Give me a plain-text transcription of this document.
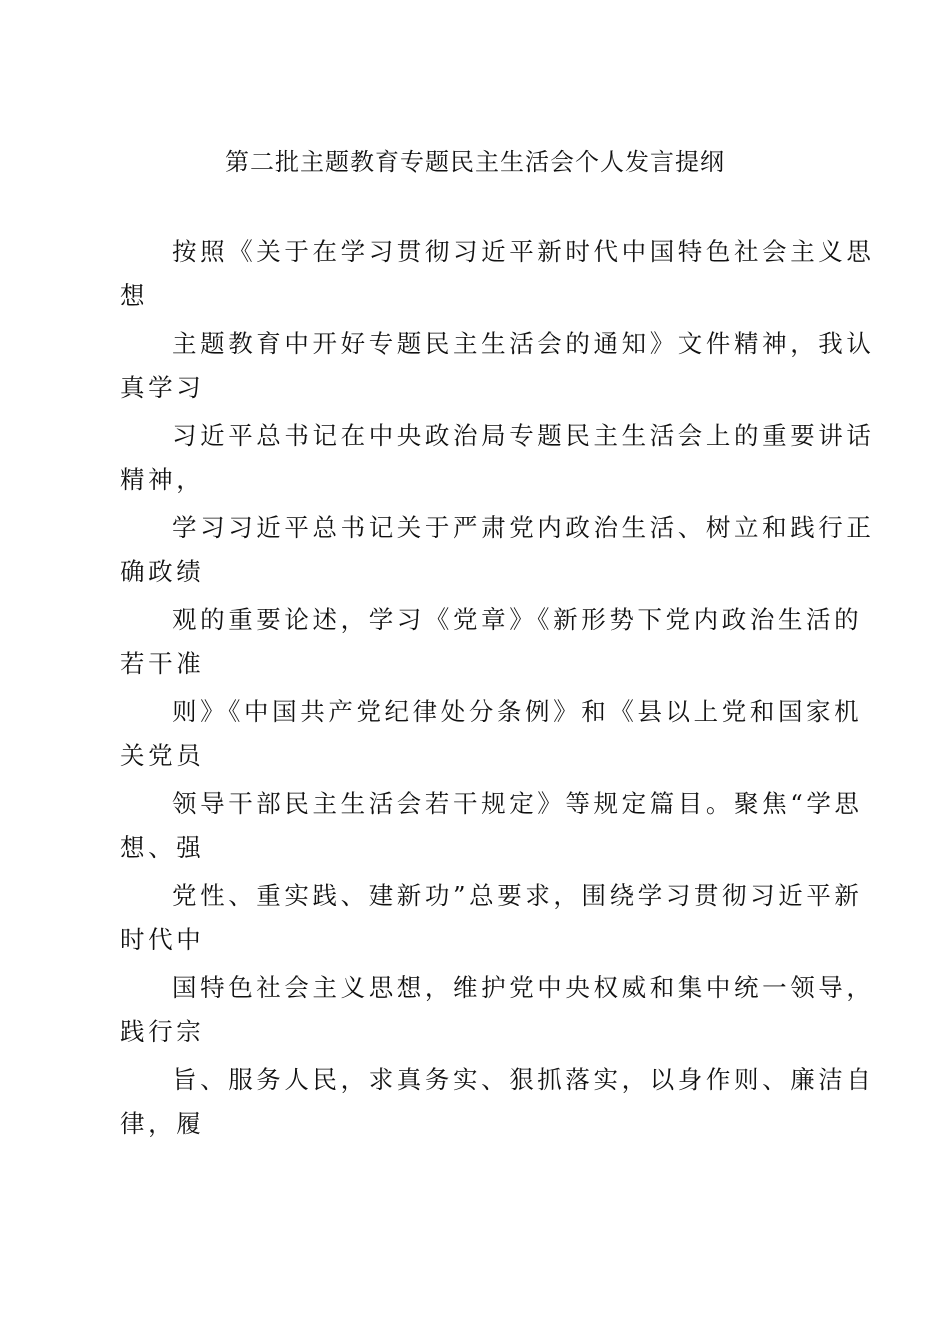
第二批主题教育专题民主生活会个人发言提纲
按照《关于在学习贯彻习近平新时代中国特色社会主义思
想
主题教育中开好专题民主生活会的通知》文件精神，我认
真学习
习近平总书记在中央政治局专题民主生活会上的重要讲话
精神，
学习习近平总书记关于严肃党内政治生活、树立和践行正
确政绩
观的重要论述，学习《党章》《新形势下党内政治生活的
若干准
则》《中国共产党纪律处分条例》和《县以上党和国家机
关党员
领导干部民主生活会若干规定》等规定篇目。聚焦“学思
想、强
党性、重实践、建新功”总要求，围绕学习贯彻习近平新
时代中
国特色社会主义思想，维护党中央权威和集中统一领导，
践行宗
旨、服务人民，求真务实、狠抓落实，以身作则、廉洁自
律，履
